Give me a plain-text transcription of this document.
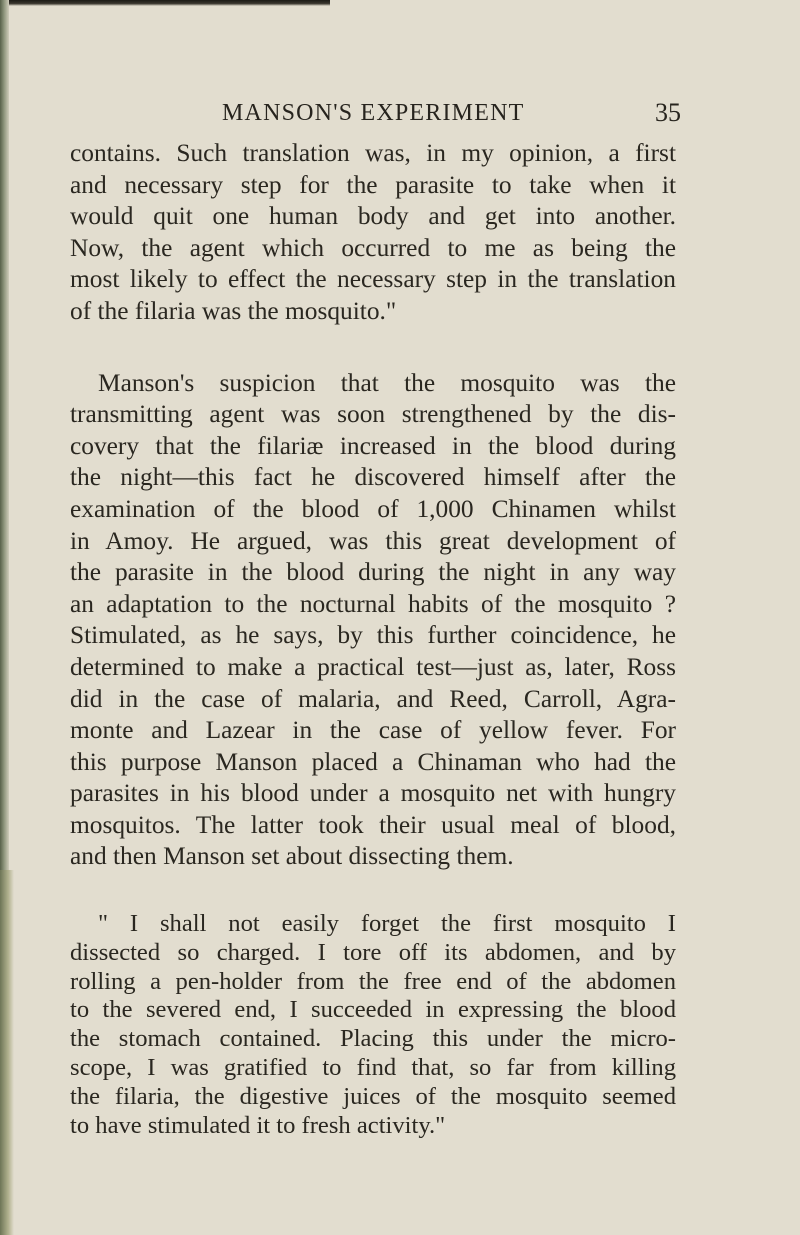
MANSON'S EXPERIMENT	35
contains. Such translation was, in my opinion, a first
and necessary step for the parasite to take when it
would quit one human body and get into another.
Now, the agent which occurred to me as being the
most likely to effect the necessary step in the translation
of the filaria was the mosquito."
Manson's suspicion that the mosquito was the
transmitting agent was soon strengthened by the dis-
covery that the filariæ increased in the blood during
the night—this fact he discovered himself after the
examination of the blood of 1,000 Chinamen whilst
in Amoy. He argued, was this great development of
the parasite in the blood during the night in any way
an adaptation to the nocturnal habits of the mosquito ?
Stimulated, as he says, by this further coincidence, he
determined to make a practical test—just as, later, Ross
did in the case of malaria, and Reed, Carroll, Agra-
monte and Lazear in the case of yellow fever. For
this purpose Manson placed a Chinaman who had the
parasites in his blood under a mosquito net with hungry
mosquitos. The latter took their usual meal of blood,
and then Manson set about dissecting them.
" I shall not easily forget the first mosquito I
dissected so charged. I tore off its abdomen, and by
rolling a pen-holder from the free end of the abdomen
to the severed end, I succeeded in expressing the blood
the stomach contained. Placing this under the micro-
scope, I was gratified to find that, so far from killing
the filaria, the digestive juices of the mosquito seemed
to have stimulated it to fresh activity."
